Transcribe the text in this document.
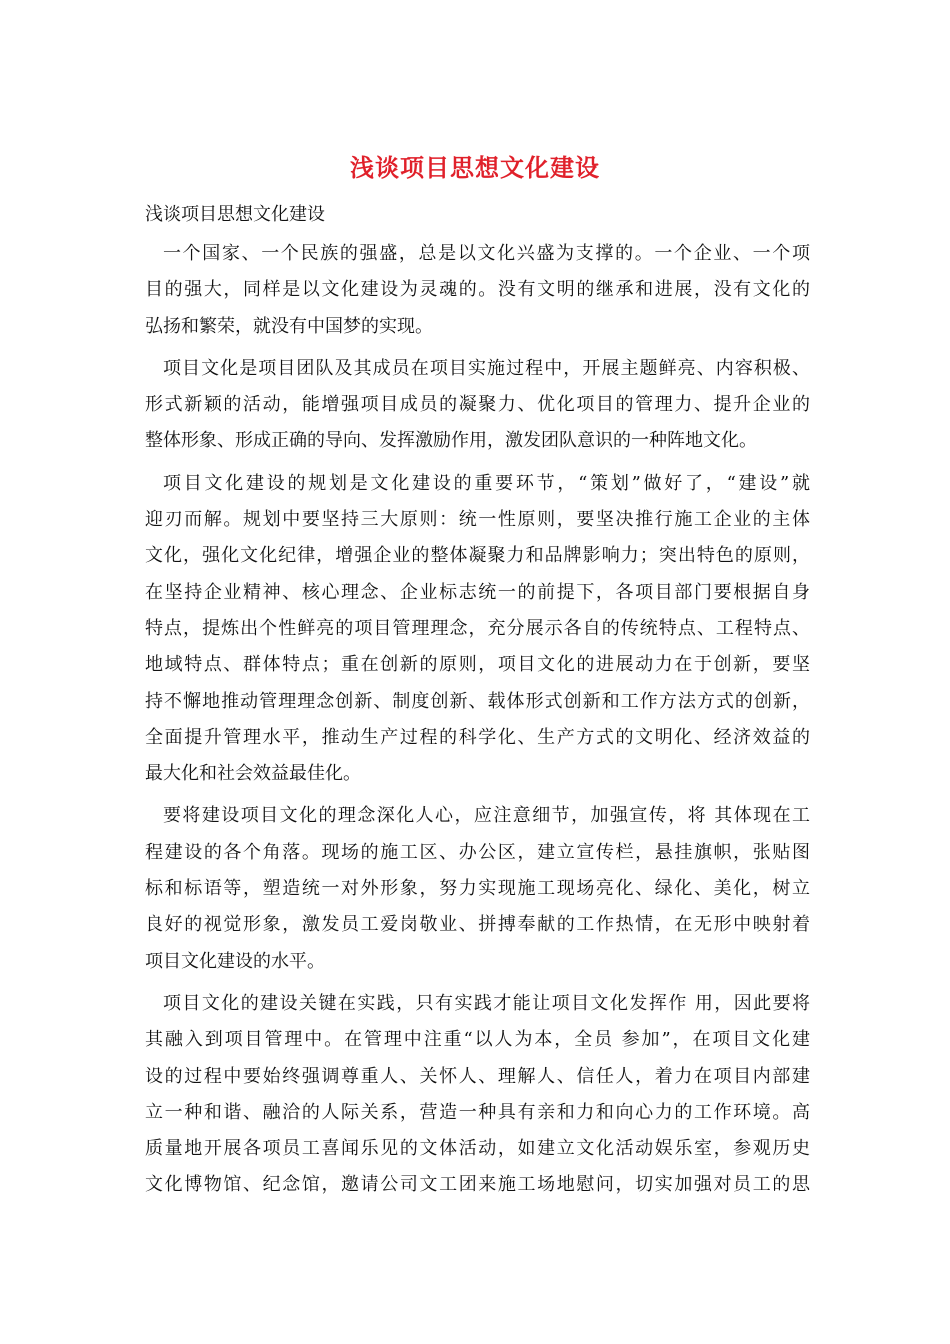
浅谈项目思想文化建设
浅谈项目思想文化建设
一个国家、一个民族的强盛，总是以文化兴盛为支撑的。一个企业、一个项
目的强大，同样是以文化建设为灵魂的。没有文明的继承和进展，没有文化的
弘扬和繁荣，就没有中国梦的实现。
项目文化是项目团队及其成员在项目实施过程中，开展主题鲜亮、内容积极、
形式新颖的活动，能增强项目成员的凝聚力、优化项目的管理力、提升企业的
整体形象、形成正确的导向、发挥激励作用，激发团队意识的一种阵地文化。
项目文化建设的规划是文化建设的重要环节，“策划”做好了，“建设”就
迎刃而解。规划中要坚持三大原则：统一性原则，要坚决推行施工企业的主体
文化，强化文化纪律，增强企业的整体凝聚力和品牌影响力；突出特色的原则，
在坚持企业精神、核心理念、企业标志统一的前提下，各项目部门要根据自身
特点，提炼出个性鲜亮的项目管理理念，充分展示各自的传统特点、工程特点、
地域特点、群体特点；重在创新的原则，项目文化的进展动力在于创新，要坚
持不懈地推动管理理念创新、制度创新、载体形式创新和工作方法方式的创新，
全面提升管理水平，推动生产过程的科学化、生产方式的文明化、经济效益的
最大化和社会效益最佳化。
要将建设项目文化的理念深化人心，应注意细节，加强宣传，将 其体现在工
程建设的各个角落。现场的施工区、办公区，建立宣传栏，悬挂旗帜，张贴图
标和标语等，塑造统一对外形象，努力实现施工现场亮化、绿化、美化，树立
良好的视觉形象，激发员工爱岗敬业、拼搏奉献的工作热情，在无形中映射着
项目文化建设的水平。
项目文化的建设关键在实践，只有实践才能让项目文化发挥作 用，因此要将
其融入到项目管理中。在管理中注重“以人为本，全员 参加”，在项目文化建
设的过程中要始终强调尊重人、关怀人、理解人、信任人，着力在项目内部建
立一种和谐、融洽的人际关系，营造一种具有亲和力和向心力的工作环境。高
质量地开展各项员工喜闻乐见的文体活动，如建立文化活动娱乐室，参观历史
文化博物馆、纪念馆，邀请公司文工团来施工场地慰问，切实加强对员工的思
